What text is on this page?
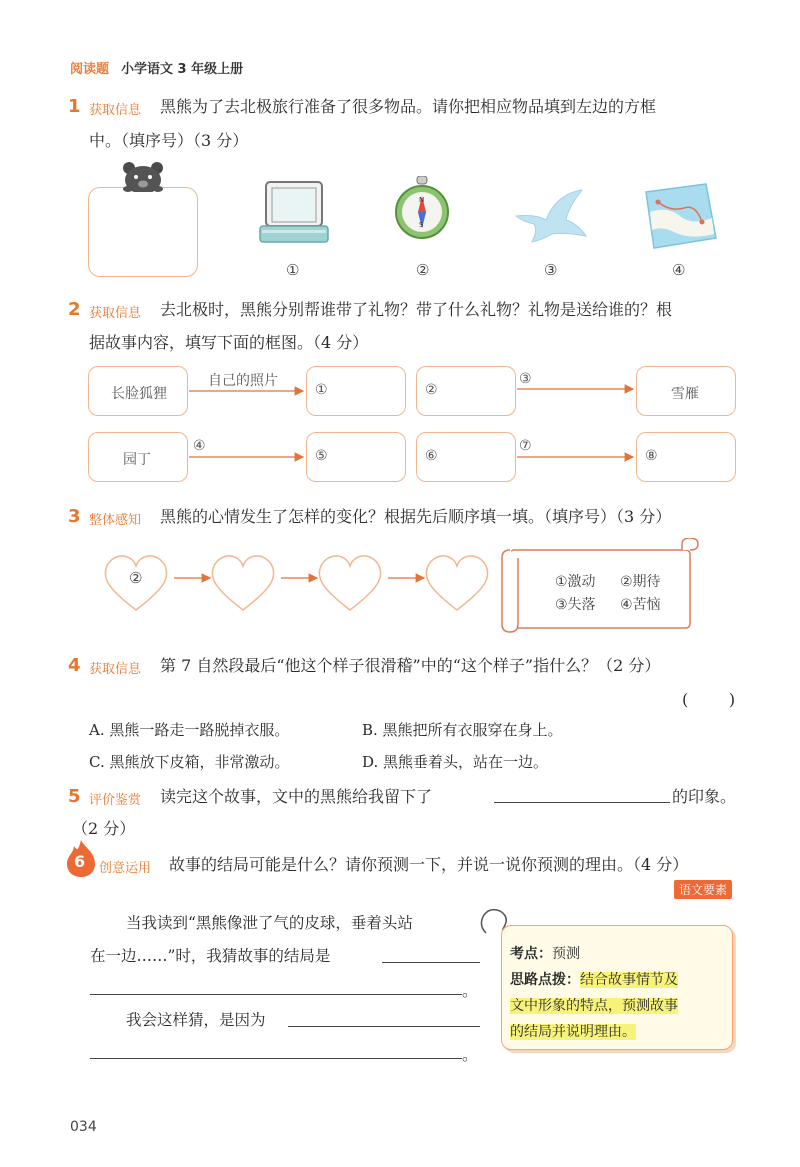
阅读题 小学语文 3 年级上册
1 获取信息 黑熊为了去北极旅行准备了很多物品。请你把相应物品填到左边的方框
中。（填序号）（3 分）
N
S
①	②	③	④
2 获取信息 去北极时，黑熊分别帮谁带了礼物？带了什么礼物？礼物是送给谁的？根
据故事内容，填写下面的框图。（4 分）
长脸狐狸	①	②	雪雁
自己的照片	③
园丁	⑤	⑥	⑧
④	⑦
3 整体感知 黑熊的心情发生了怎样的变化？根据先后顺序填一填。（填序号）（3 分）
②	①激动 ②期待
③失落 ④苦恼
4 获取信息 第 7 自然段最后“他这个样子很滑稽”中的“这个样子”指什么？（2 分）
(        )
A. 黑熊一路走一路脱掉衣服。	B. 黑熊把所有衣服穿在身上。
C. 黑熊放下皮箱，非常激动。	D. 黑熊垂着头，站在一边。
5 评价鉴赏 读完这个故事，文中的黑熊给我留下了	的印象。
（2 分）
6 创意运用 故事的结局可能是什么？请你预测一下，并说一说你预测的理由。（4 分）
语文要素
当我读到“黑熊像泄了气的皮球，垂着头站
在一边……”时，我猜故事的结局是
。
我会这样猜，是因为
。
考点：预测
思路点拨：结合故事情节及
文中形象的特点，预测故事
的结局并说明理由。
034
